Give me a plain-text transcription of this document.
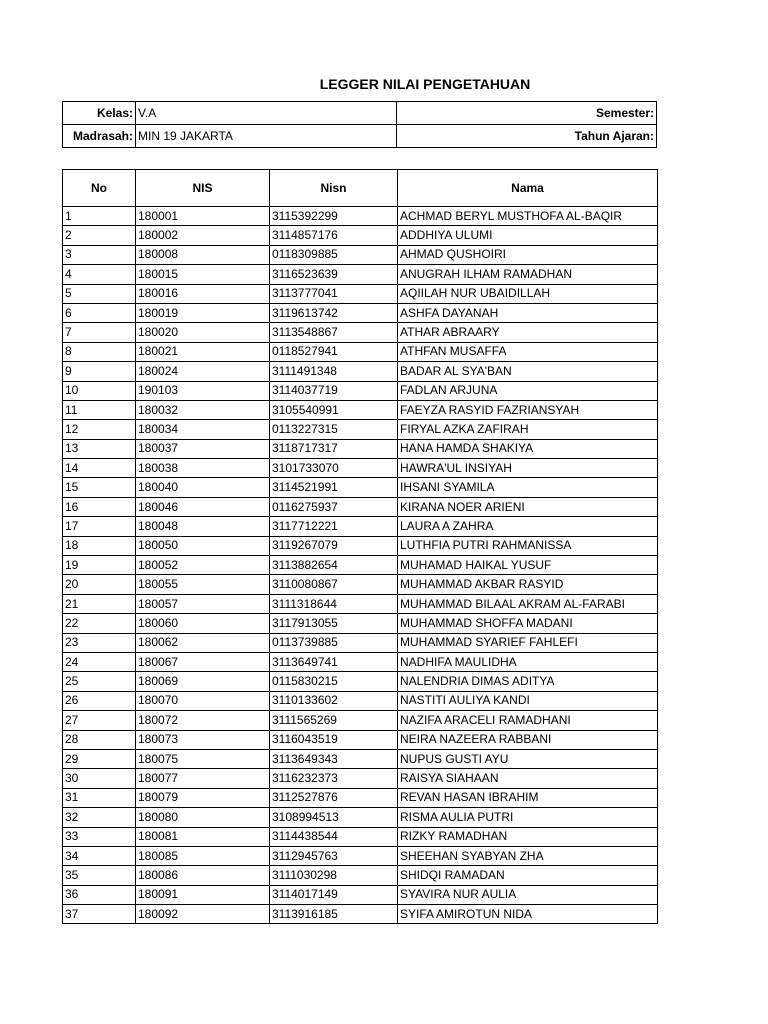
LEGGER NILAI PENGETAHUAN
Kelas:	V.A	Semester:
Madrasah:	MIN 19 JAKARTA	Tahun Ajaran:
No	NIS	Nisn	Nama
1	180001	3115392299	ACHMAD BERYL MUSTHOFA AL-BAQIR
2	180002	3114857176	ADDHIYA ULUMI
3	180008	0118309885	AHMAD QUSHOIRI
4	180015	3116523639	ANUGRAH ILHAM RAMADHAN
5	180016	3113777041	AQIILAH NUR UBAIDILLAH
6	180019	3119613742	ASHFA DAYANAH
7	180020	3113548867	ATHAR ABRAARY
8	180021	0118527941	ATHFAN MUSAFFA
9	180024	3111491348	BADAR AL SYA'BAN
10	190103	3114037719	FADLAN ARJUNA
11	180032	3105540991	FAEYZA RASYID FAZRIANSYAH
12	180034	0113227315	FIRYAL AZKA ZAFIRAH
13	180037	3118717317	HANA HAMDA SHAKIYA
14	180038	3101733070	HAWRA'UL INSIYAH
15	180040	3114521991	IHSANI SYAMILA
16	180046	0116275937	KIRANA NOER ARIENI
17	180048	3117712221	LAURA A ZAHRA
18	180050	3119267079	LUTHFIA PUTRI RAHMANISSA
19	180052	3113882654	MUHAMAD HAIKAL YUSUF
20	180055	3110080867	MUHAMMAD AKBAR RASYID
21	180057	3111318644	MUHAMMAD BILAAL AKRAM AL-FARABI
22	180060	3117913055	MUHAMMAD SHOFFA MADANI
23	180062	0113739885	MUHAMMAD SYARIEF FAHLEFI
24	180067	3113649741	NADHIFA MAULIDHA
25	180069	0115830215	NALENDRIA DIMAS ADITYA
26	180070	3110133602	NASTITI AULIYA KANDI
27	180072	3111565269	NAZIFA ARACELI RAMADHANI
28	180073	3116043519	NEIRA NAZEERA RABBANI
29	180075	3113649343	NUPUS GUSTI AYU
30	180077	3116232373	RAISYA SIAHAAN
31	180079	3112527876	REVAN HASAN IBRAHIM
32	180080	3108994513	RISMA AULIA PUTRI
33	180081	3114438544	RIZKY RAMADHAN
34	180085	3112945763	SHEEHAN SYABYAN ZHA
35	180086	3111030298	SHIDQI RAMADAN
36	180091	3114017149	SYAVIRA NUR AULIA
37	180092	3113916185	SYIFA AMIROTUN NIDA
